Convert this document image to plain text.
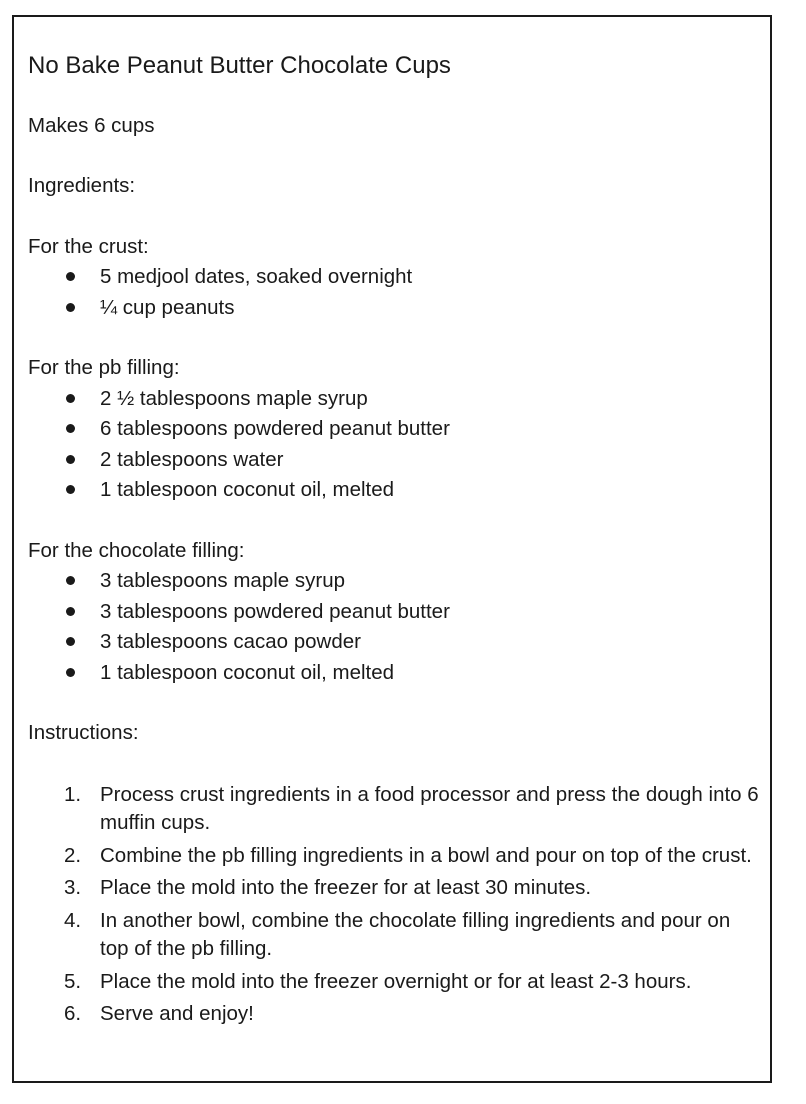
No Bake Peanut Butter Chocolate Cups

Makes 6 cups

Ingredients:

For the crust:

5 medjool dates, soaked overnight
¼ cup peanuts

For the pb filling:

2 ½ tablespoons maple syrup
6 tablespoons powdered peanut butter
2 tablespoons water
1 tablespoon coconut oil, melted

For the chocolate filling:

3 tablespoons maple syrup
3 tablespoons powdered peanut butter
3 tablespoons cacao powder
1 tablespoon coconut oil, melted

Instructions:

1. Process crust ingredients in a food processor and press the dough into 6 muffin cups.
2. Combine the pb filling ingredients in a bowl and pour on top of the crust.
3. Place the mold into the freezer for at least 30 minutes.
4. In another bowl, combine the chocolate filling ingredients and pour on top of the pb filling.
5. Place the mold into the freezer overnight or for at least 2-3 hours.
6. Serve and enjoy!
